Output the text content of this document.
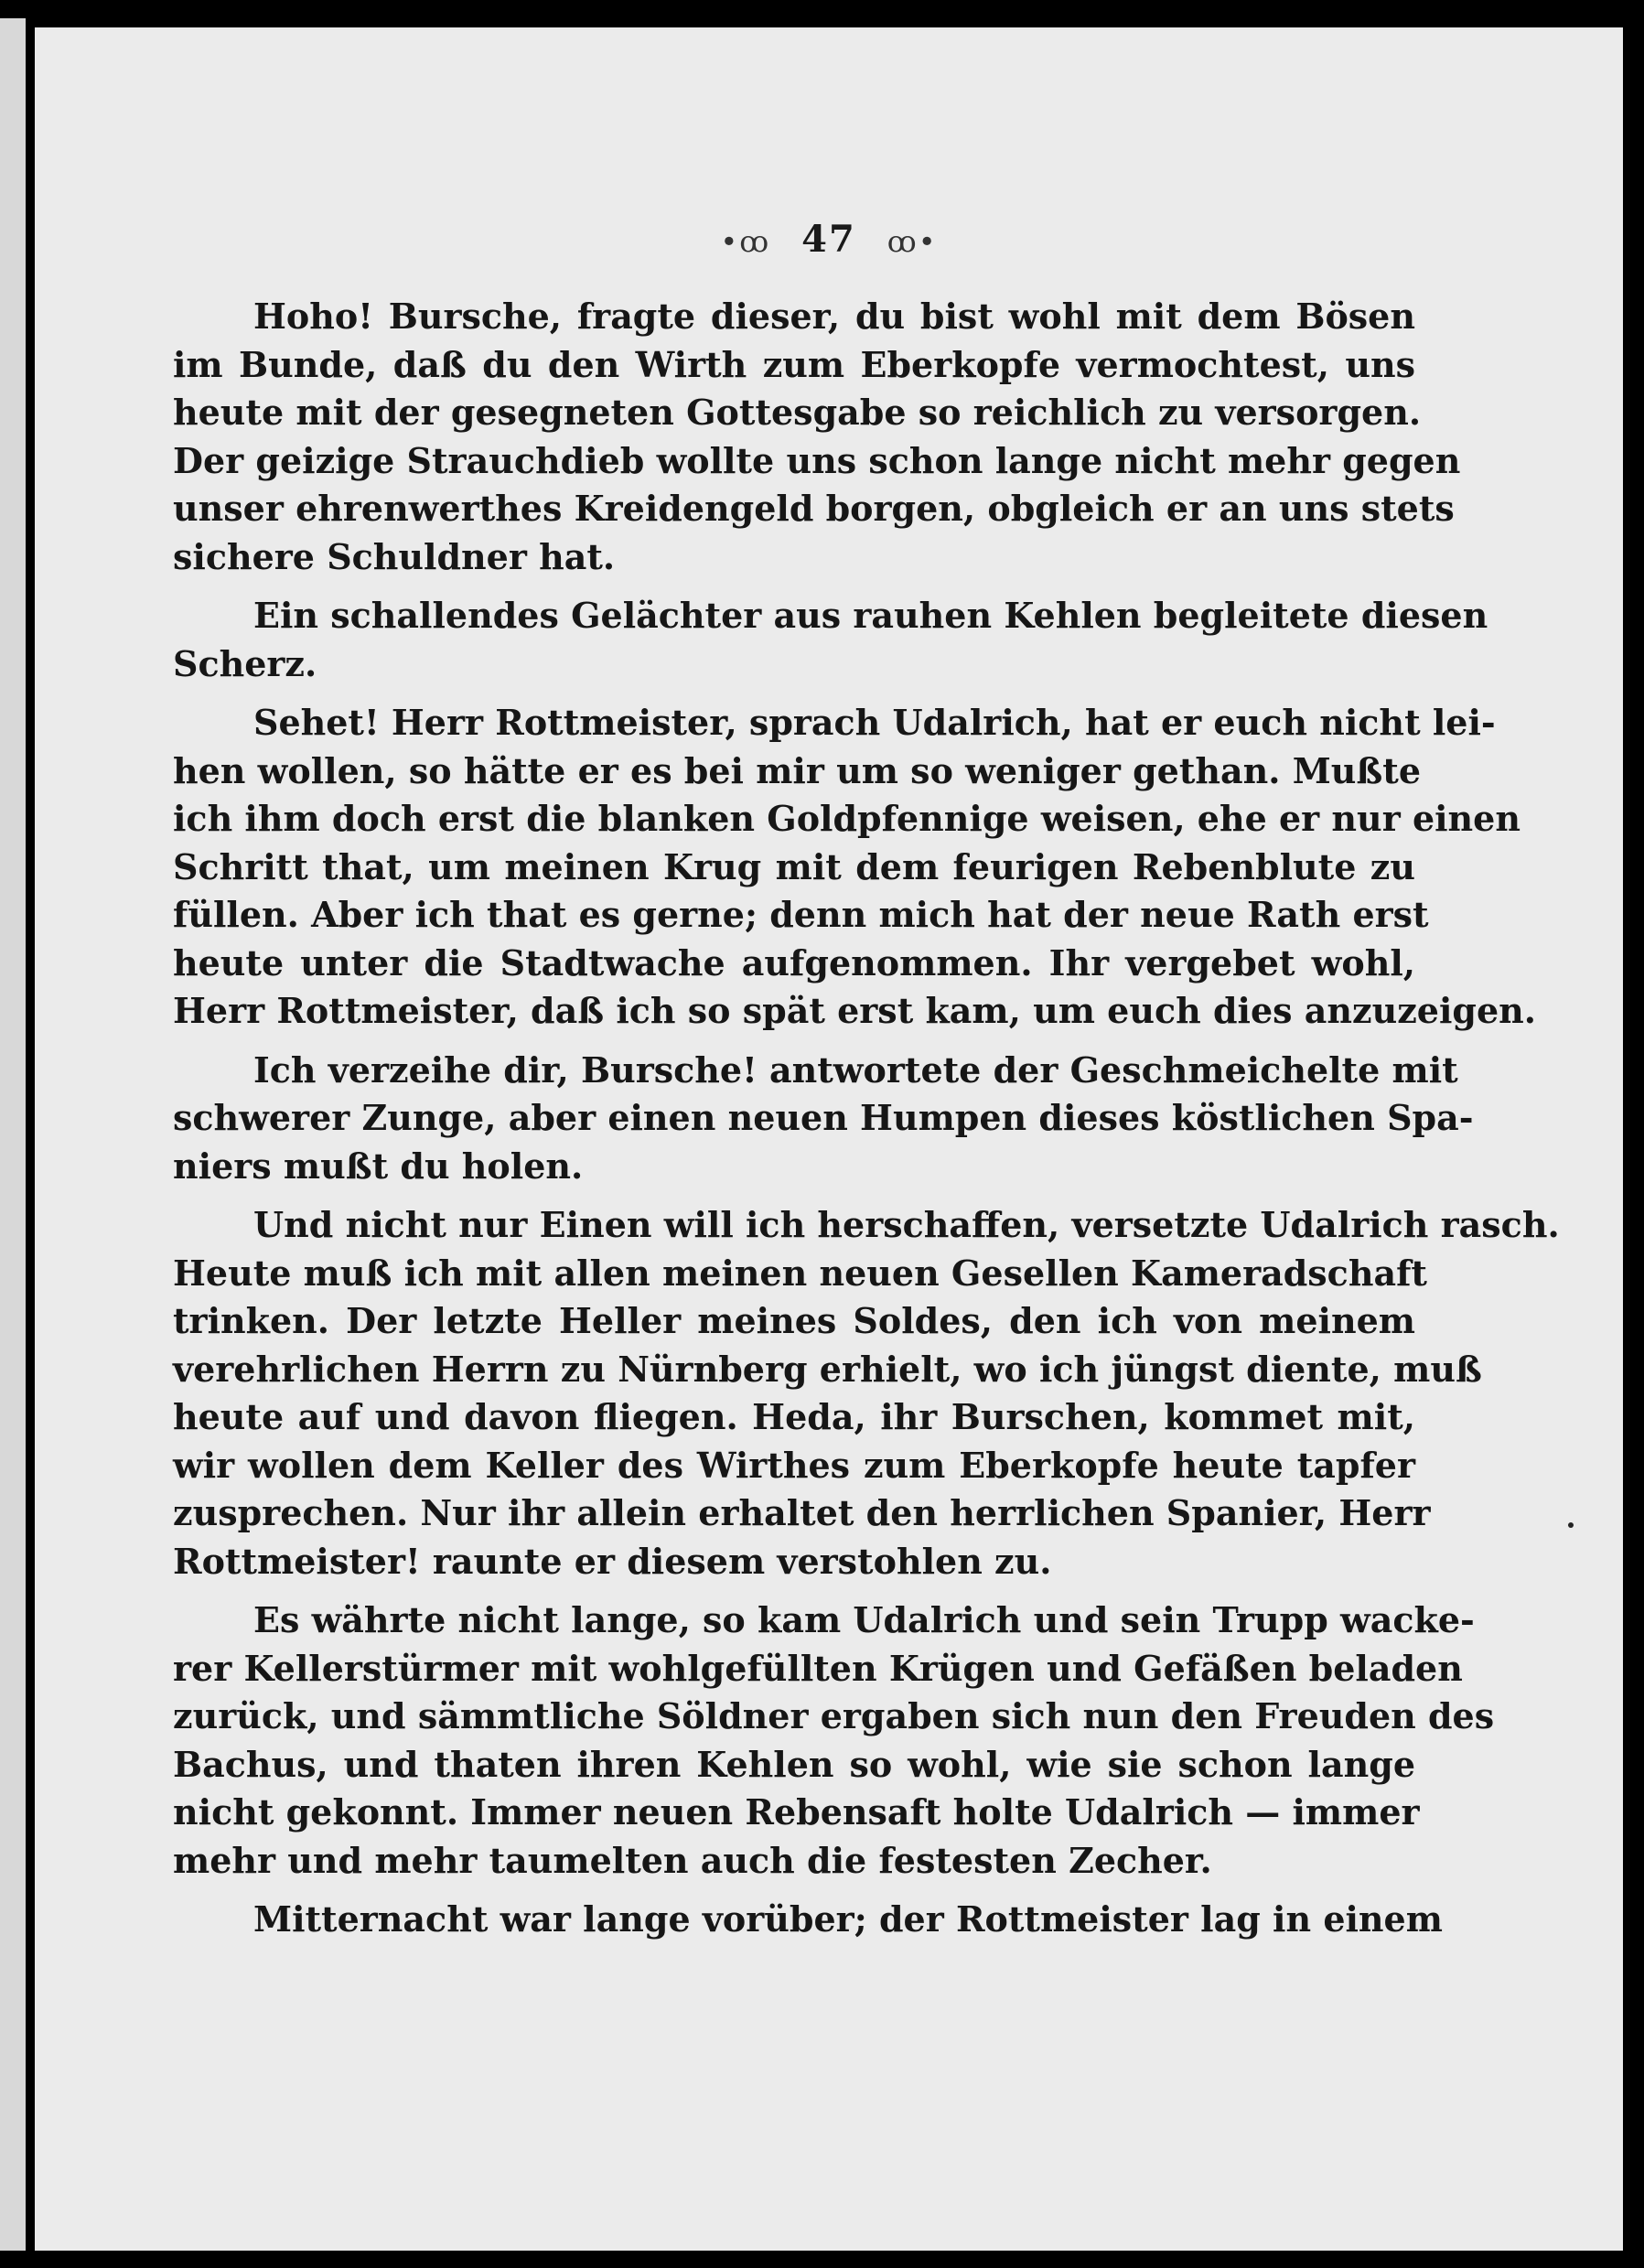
•ꝏ 47 ꝏ•
Hoho! Bursche, fragte dieser, du bist wohl mit dem Bösen
im Bunde, daß du den Wirth zum Eberkopfe vermochtest, uns
heute mit der gesegneten Gottesgabe so reichlich zu versorgen.
Der geizige Strauchdieb wollte uns schon lange nicht mehr gegen
unser ehrenwerthes Kreidengeld borgen, obgleich er an uns stets
sichere Schuldner hat.
Ein schallendes Gelächter aus rauhen Kehlen begleitete diesen
Scherz.
Sehet! Herr Rottmeister, sprach Udalrich, hat er euch nicht lei-
hen wollen, so hätte er es bei mir um so weniger gethan. Mußte
ich ihm doch erst die blanken Goldpfennige weisen, ehe er nur einen
Schritt that, um meinen Krug mit dem feurigen Rebenblute zu
füllen. Aber ich that es gerne; denn mich hat der neue Rath erst
heute unter die Stadtwache aufgenommen. Ihr vergebet wohl,
Herr Rottmeister, daß ich so spät erst kam, um euch dies anzuzeigen.
Ich verzeihe dir, Bursche! antwortete der Geschmeichelte mit
schwerer Zunge, aber einen neuen Humpen dieses köstlichen Spa-
niers mußt du holen.
Und nicht nur Einen will ich herschaffen, versetzte Udalrich rasch.
Heute muß ich mit allen meinen neuen Gesellen Kameradschaft
trinken. Der letzte Heller meines Soldes, den ich von meinem
verehrlichen Herrn zu Nürnberg erhielt, wo ich jüngst diente, muß
heute auf und davon fliegen. Heda, ihr Burschen, kommet mit,
wir wollen dem Keller des Wirthes zum Eberkopfe heute tapfer
zusprechen. Nur ihr allein erhaltet den herrlichen Spanier, Herr
Rottmeister! raunte er diesem verstohlen zu.
Es währte nicht lange, so kam Udalrich und sein Trupp wacke-
rer Kellerstürmer mit wohlgefüllten Krügen und Gefäßen beladen
zurück, und sämmtliche Söldner ergaben sich nun den Freuden des
Bachus, und thaten ihren Kehlen so wohl, wie sie schon lange
nicht gekonnt. Immer neuen Rebensaft holte Udalrich — immer
mehr und mehr taumelten auch die festesten Zecher.
Mitternacht war lange vorüber; der Rottmeister lag in einem
